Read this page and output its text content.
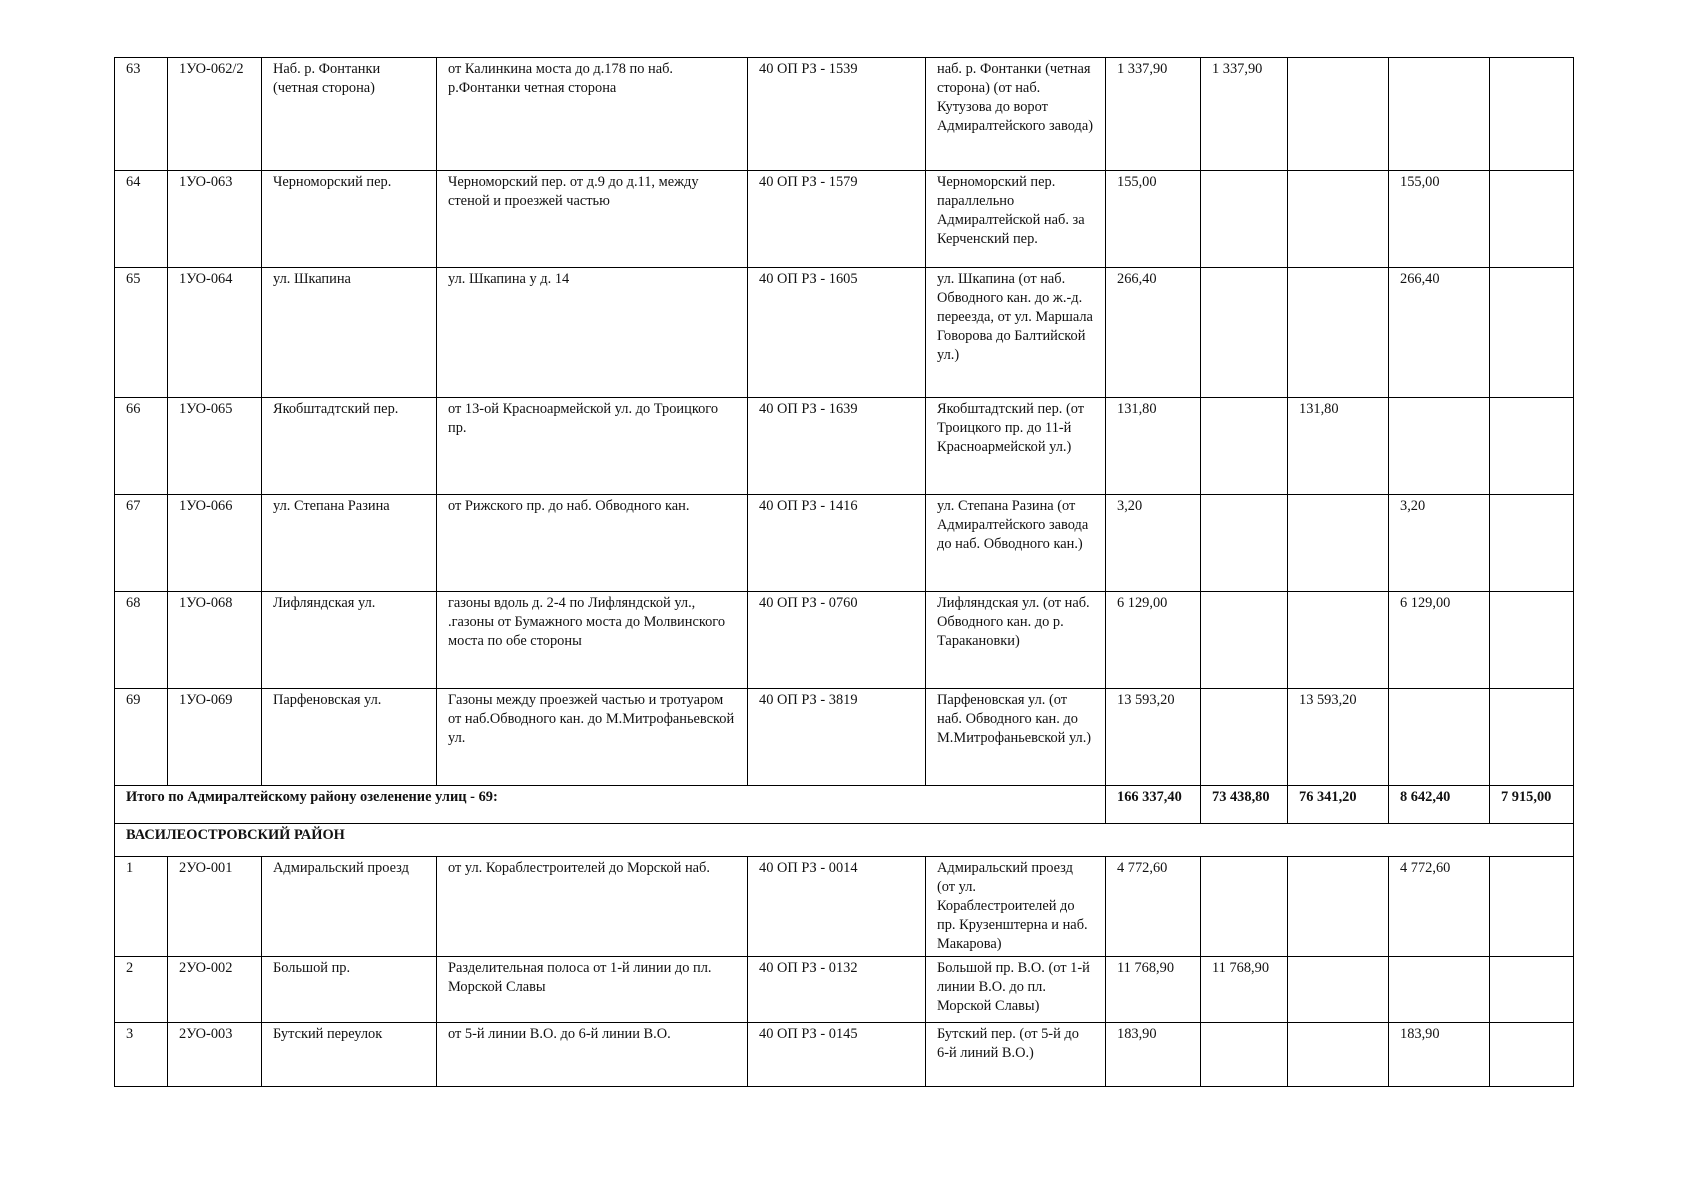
63	1УО-062/2	Наб. р. Фонтанки (четная сторона)	от Калинкина моста до д.178 по наб. р.Фонтанки четная сторона	40 ОП РЗ - 1539	наб. р. Фонтанки (четная сторона) (от наб. Кутузова до ворот Адмиралтейского завода)	1 337,90	1 337,90			
64	1УО-063	Черноморский пер.	Черноморский пер. от д.9 до д.11, между стеной и проезжей частью	40 ОП РЗ - 1579	Черноморский пер. параллельно Адмиралтейской наб. за Керченский пер.	155,00			155,00	
65	1УО-064	ул. Шкапина	ул. Шкапина у д. 14	40 ОП РЗ - 1605	ул. Шкапина (от наб. Обводного кан. до ж.-д. переезда, от ул. Маршала Говорова до Балтийской ул.)	266,40			266,40	
66	1УО-065	Якобштадтский пер.	от 13-ой Красноармейской ул. до Троицкого пр.	40 ОП РЗ - 1639	Якобштадтский пер. (от Троицкого пр. до 11-й Красноармейской ул.)	131,80		131,80		
67	1УО-066	ул. Степана Разина	от Рижского пр. до наб. Обводного кан.	40 ОП РЗ - 1416	ул. Степана Разина (от Адмиралтейского завода до наб. Обводного кан.)	3,20			3,20	
68	1УО-068	Лифляндская ул.	газоны вдоль д. 2-4 по Лифляндской ул., .газоны от Бумажного моста до Молвинского моста по обе стороны	40 ОП РЗ - 0760	Лифляндская ул. (от наб. Обводного кан. до р. Таракановки)	6 129,00			6 129,00	
69	1УО-069	Парфеновская ул.	Газоны между проезжей частью и тротуаром от наб.Обводного кан. до М.Митрофаньевской ул.	40 ОП РЗ - 3819	Парфеновская ул. (от наб. Обводного кан. до М.Митрофаньевской ул.)	13 593,20		13 593,20		
Итого по Адмиралтейскому району озеленение улиц - 69:						166 337,40	73 438,80	76 341,20	8 642,40	7 915,00
ВАСИЛЕОСТРОВСКИЙ РАЙОН										
1	2УО-001	Адмиральский проезд	от ул. Кораблестроителей до Морской наб.	40 ОП РЗ - 0014	Адмиральский проезд (от ул. Кораблестроителей до пр. Крузенштерна и наб. Макарова)	4 772,60			4 772,60	
2	2УО-002	Большой пр.	Разделительная полоса от 1-й линии до пл. Морской Славы	40 ОП РЗ - 0132	Большой пр. В.О. (от 1-й линии В.О. до пл. Морской Славы)	11 768,90	11 768,90			
3	2УО-003	Бутский переулок	от 5-й линии В.О. до 6-й линии В.О.	40 ОП РЗ - 0145	Бутский пер. (от 5-й до 6-й линий В.О.)	183,90			183,90	
